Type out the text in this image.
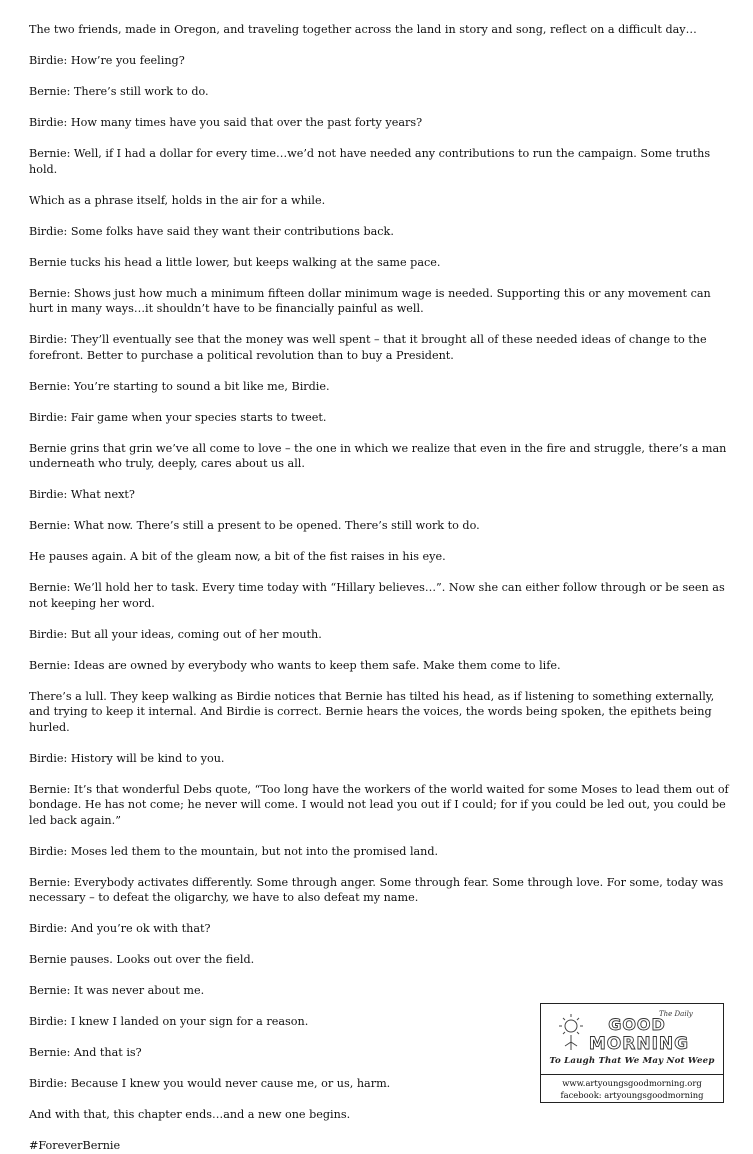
The two friends, made in Oregon, and traveling together across the land in story and song, reflect on a difficult day…

Birdie: How’re you feeling?

Bernie: There’s still work to do.

Birdie: How many times have you said that over the past forty years?

Bernie: Well, if I had a dollar for every time…we’d not have needed any contributions to run the campaign. Some truths hold.

Which as a phrase itself, holds in the air for a while.

Birdie: Some folks have said they want their contributions back.

Bernie tucks his head a little lower, but keeps walking at the same pace.

Bernie: Shows just how much a minimum fifteen dollar minimum wage is needed. Supporting this or any movement can hurt in many ways…it shouldn’t have to be financially painful as well.

Birdie: They’ll eventually see that the money was well spent – that it brought all of these needed ideas of change to the forefront. Better to purchase a political revolution than to buy a President.

Bernie: You’re starting to sound a bit like me, Birdie.

Birdie: Fair game when your species starts to tweet.

Bernie grins that grin we’ve all come to love – the one in which we realize that even in the fire and struggle, there’s a man underneath who truly, deeply, cares about us all.

Birdie: What next?

Bernie: What now. There’s still a present to be opened. There’s still work to do.

He pauses again. A bit of the gleam now, a bit of the fist raises in his eye.

Bernie: We’ll hold her to task. Every time today with “Hillary believes…”. Now she can either follow through or be seen as not keeping her word.

Birdie: But all your ideas, coming out of her mouth.

Bernie: Ideas are owned by everybody who wants to keep them safe. Make them come to life.

There’s a lull. They keep walking as Birdie notices that Bernie has tilted his head, as if listening to something externally, and trying to keep it internal. And Birdie is correct. Bernie hears the voices, the words being spoken, the epithets being hurled.

Birdie: History will be kind to you.

Bernie: It’s that wonderful Debs quote, “Too long have the workers of the world waited for some Moses to lead them out of bondage. He has not come; he never will come. I would not lead you out if I could; for if you could be led out, you could be led back again.”

Birdie: Moses led them to the mountain, but not into the promised land.

Bernie: Everybody activates differently. Some through anger. Some through fear. Some through love. For some, today was necessary – to defeat the oligarchy, we have to also defeat my name.

Birdie: And you’re ok with that?

Bernie pauses. Looks out over the field.

Bernie: It was never about me.

Birdie: I knew I landed on your sign for a reason.

Bernie: And that is?

Birdie: Because I knew you would never cause me, or us, harm.

And with that, this chapter ends…and a new one begins.

#ForeverBernie

GOOD
MORNING
The Daily
To Laugh That We May Not Weep
www.artyoungsgoodmorning.org
facebook: artyoungsgoodmorning
